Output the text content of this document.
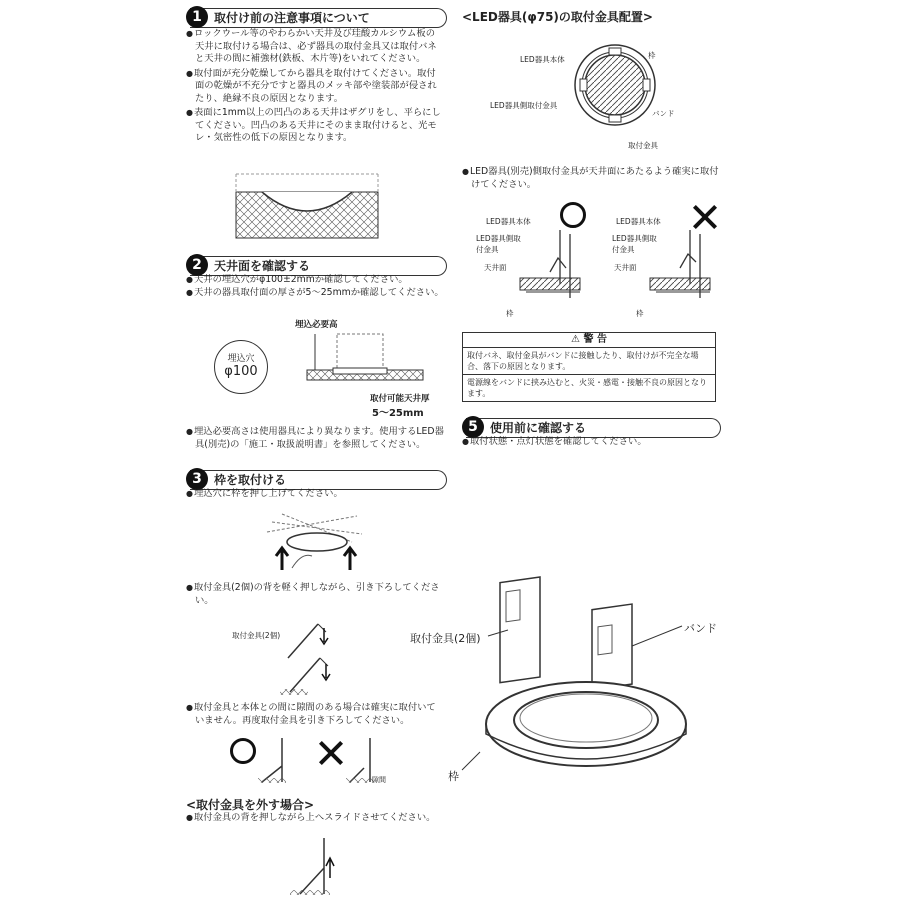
1	取付け前の注意事項について
● ロックウール等のやわらかい天井及び珪酸カルシウム板の天井に取付ける場合は、必ず器具の取付金具又は取付バネと天井の間に補強材(鉄板、木片等)をいれてください。
● 取付面が充分乾燥してから器具を取付けてください。取付面の乾燥が不充分ですと器具のメッキ部や塗装部が侵されたり、絶縁不良の原因となります。
● 表面に1mm以上の凹凸のある天井はザグリをし、平らにしてください。凹凸のある天井にそのまま取付けると、光モレ・気密性の低下の原因となります。
2	天井面を確認する
● 天井の埋込穴がφ100±2mmか確認してください。
● 天井の器具取付面の厚さが5～25mmか確認してください。
埋込穴
φ100
埋込必要高
取付可能天井厚
5～25mm
● 埋込必要高さは使用器具により異なります。使用するLED器具(別売)の「施工・取扱説明書」を参照してください。
3	枠を取付ける
● 埋込穴に枠を押し上げてください。
● 取付金具(2個)の背を軽く押しながら、引き下ろしてください。
取付金具(2個)
● 取付金具と本体との間に隙間のある場合は確実に取付いていません。再度取付金具を引き下ろしてください。
隙間
<取付金具を外す場合>
● 取付金具の背を押しながら上へスライドさせてください。
<LED器具(φ75)の取付金具配置>
LED器具本体	枠
LED器具側取付金具
バンド
取付金具
● LED器具(別売)側取付金具が天井面にあたるよう確実に取付けてください。
LED器具本体
LED器具側取付金具
天井面
枠
LED器具本体
LED器具側取付金具
天井面
枠
⚠ 警 告
取付バネ、取付金具がバンドに接触したり、取付けが不完全な場合、落下の原因となります。
電源線をバンドに挟み込むと、火災・感電・接触不良の原因となります。
5	使用前に確認する
● 取付状態・点灯状態を確認してください。
取付金具(2個)
バンド
枠
